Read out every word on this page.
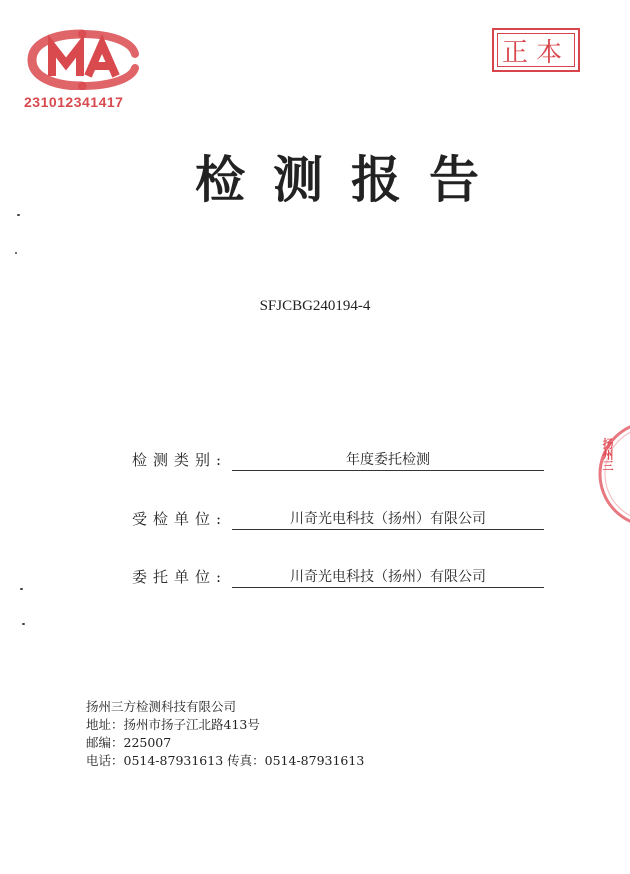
231012341417
正本
检测报告
SFJCBG240194-4
检测类别:	年度委托检测
受检单位:	川奇光电科技（扬州）有限公司
委托单位:	川奇光电科技（扬州）有限公司
扬州三方检测科技有限公司
地址：扬州市扬子江北路413号
邮编：225007
电话：0514-87931613 传真：0514-87931613
扬州三
